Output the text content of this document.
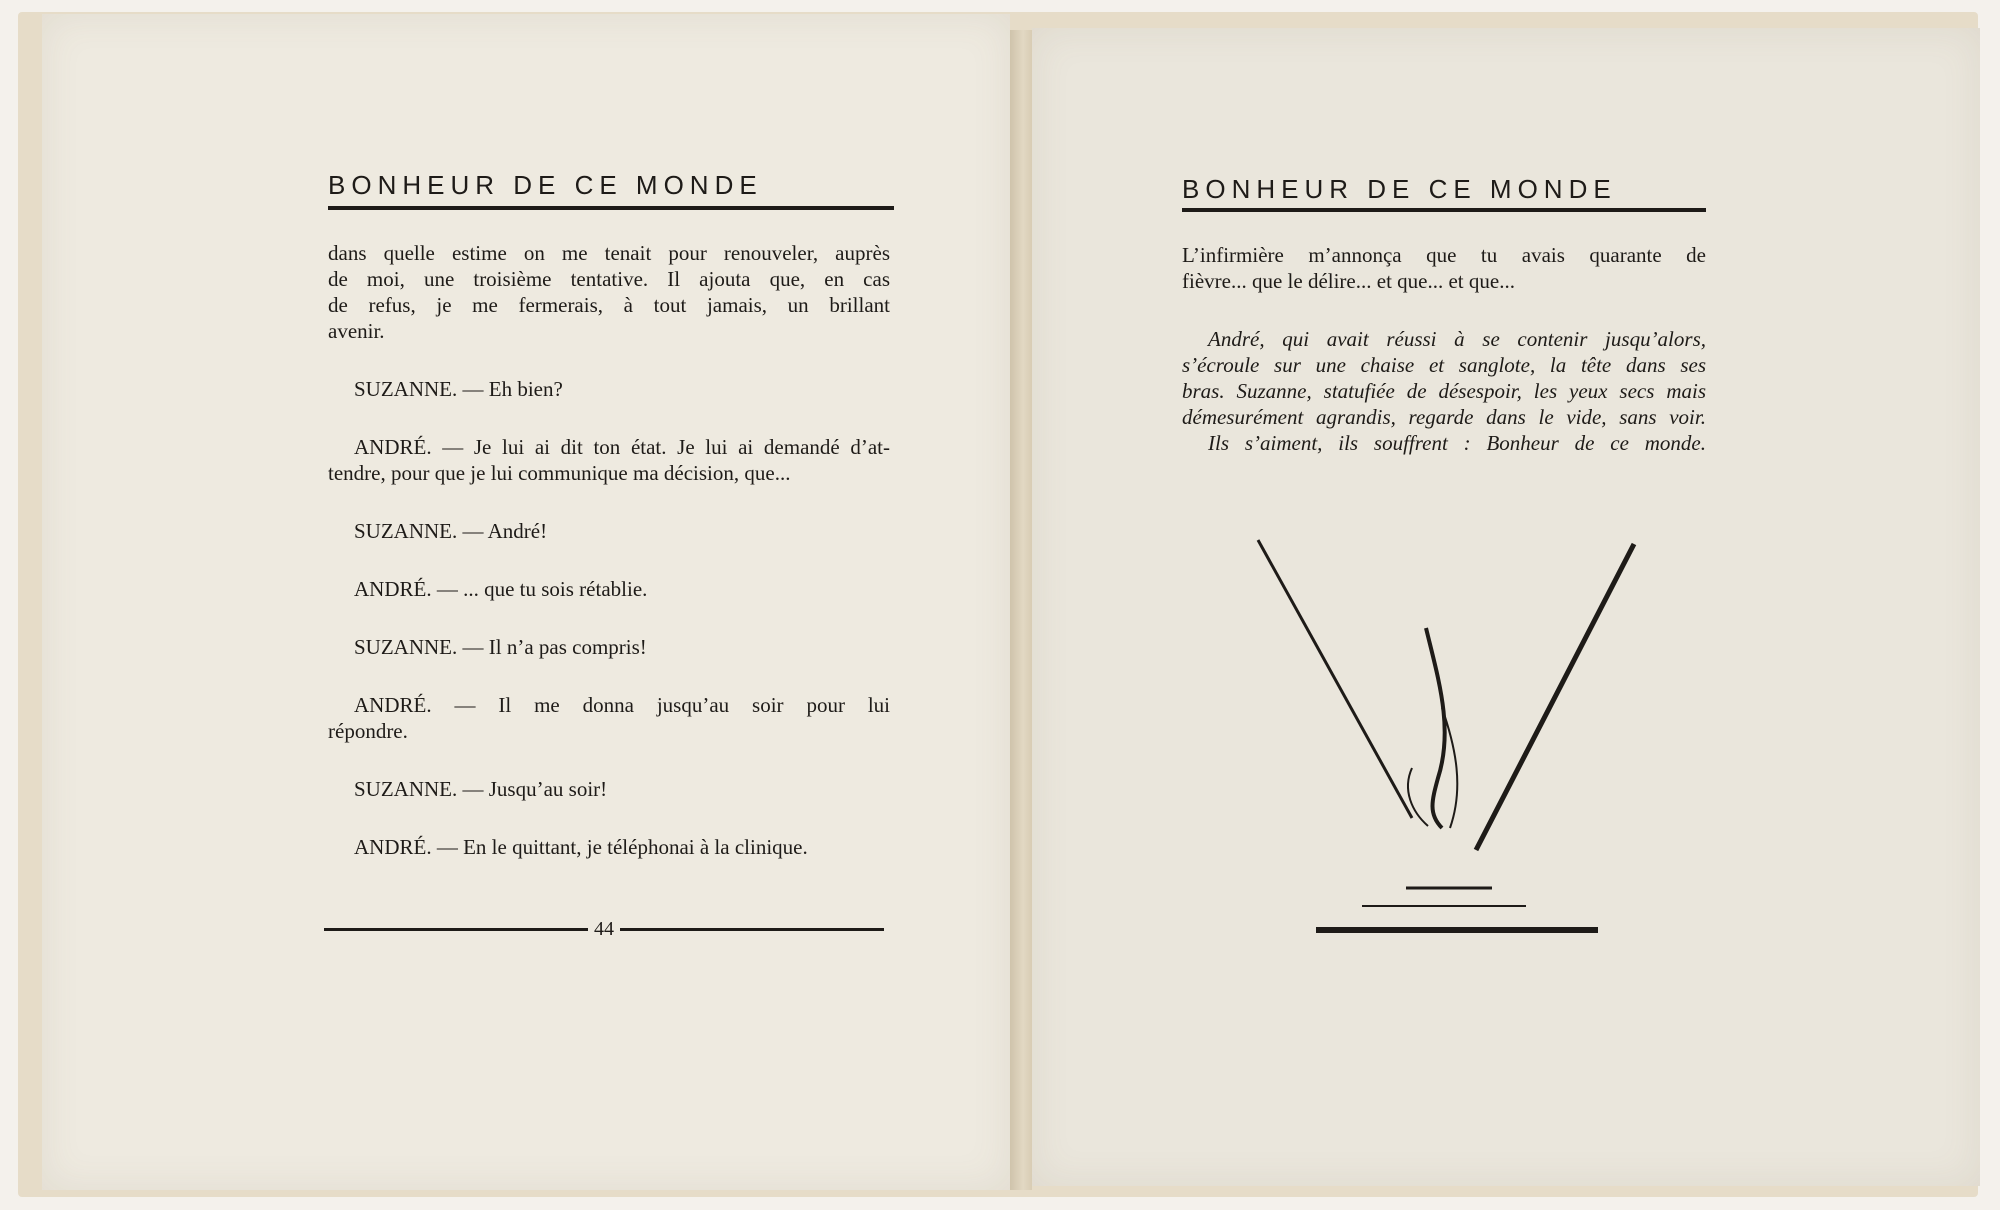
BONHEUR DE CE MONDE

dans quelle estime on me tenait pour renouveler, auprès

de moi, une troisième tentative. Il ajouta que, en cas

de refus, je me fermerais, à tout jamais, un brillant

avenir.

SUZANNE. — Eh bien?

ANDRÉ. — Je lui ai dit ton état. Je lui ai demandé d’at-

tendre, pour que je lui communique ma décision, que...

SUZANNE. — André!

ANDRÉ. — ... que tu sois rétablie.

SUZANNE. — Il n’a pas compris!

ANDRÉ. — Il me donna jusqu’au soir pour lui

répondre.

SUZANNE. — Jusqu’au soir!

ANDRÉ. — En le quittant, je téléphonai à la clinique.

44
BONHEUR DE CE MONDE

L’infirmière m’annonça que tu avais quarante de

fièvre... que le délire... et que... et que...

André, qui avait réussi à se contenir jusqu’alors,

s’écroule sur une chaise et sanglote, la tête dans ses

bras. Suzanne, statufiée de désespoir, les yeux secs mais

démesurément agrandis, regarde dans le vide, sans voir.

Ils s’aiment, ils souffrent : Bonheur de ce monde.
